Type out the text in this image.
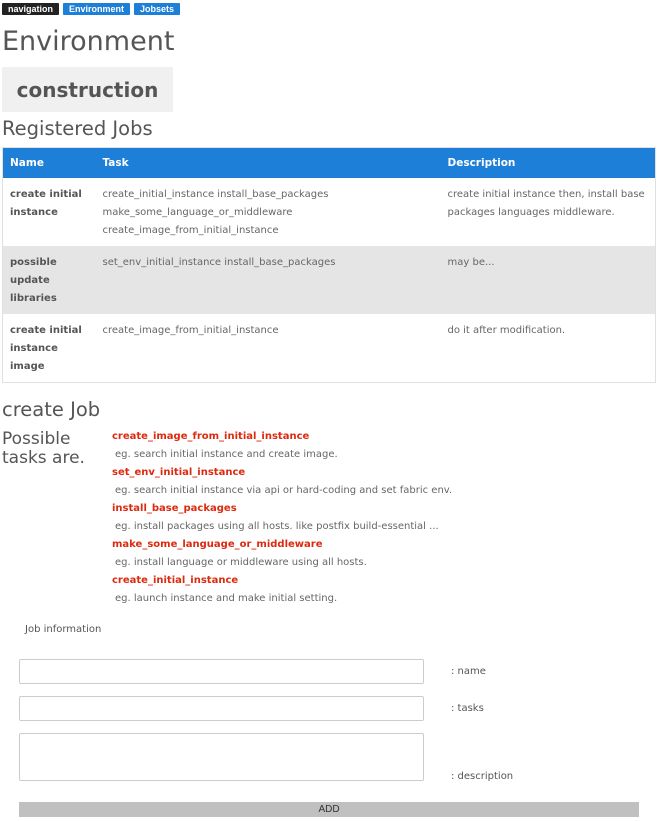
navigation	Environment	Jobsets
Environment
construction
Registered Jobs
Name	Task	Description
create initial instance	create_initial_instance install_base_packages make_some_language_or_middleware create_image_from_initial_instance	create initial instance then, install base packages languages middleware.
possible update libraries	set_env_initial_instance install_base_packages	may be...
create initial instance image	create_image_from_initial_instance	do it after modification.
create Job
Possible tasks are.
create_image_from_initial_instance
eg. search initial instance and create image.
set_env_initial_instance
eg. search initial instance via api or hard-coding and set fabric env.
install_base_packages
eg. install packages using all hosts. like postfix build-essential ...
make_some_language_or_middleware
eg. install language or middleware using all hosts.
create_initial_instance
eg. launch instance and make initial setting.
Job information
: name
: tasks
: description
ADD
